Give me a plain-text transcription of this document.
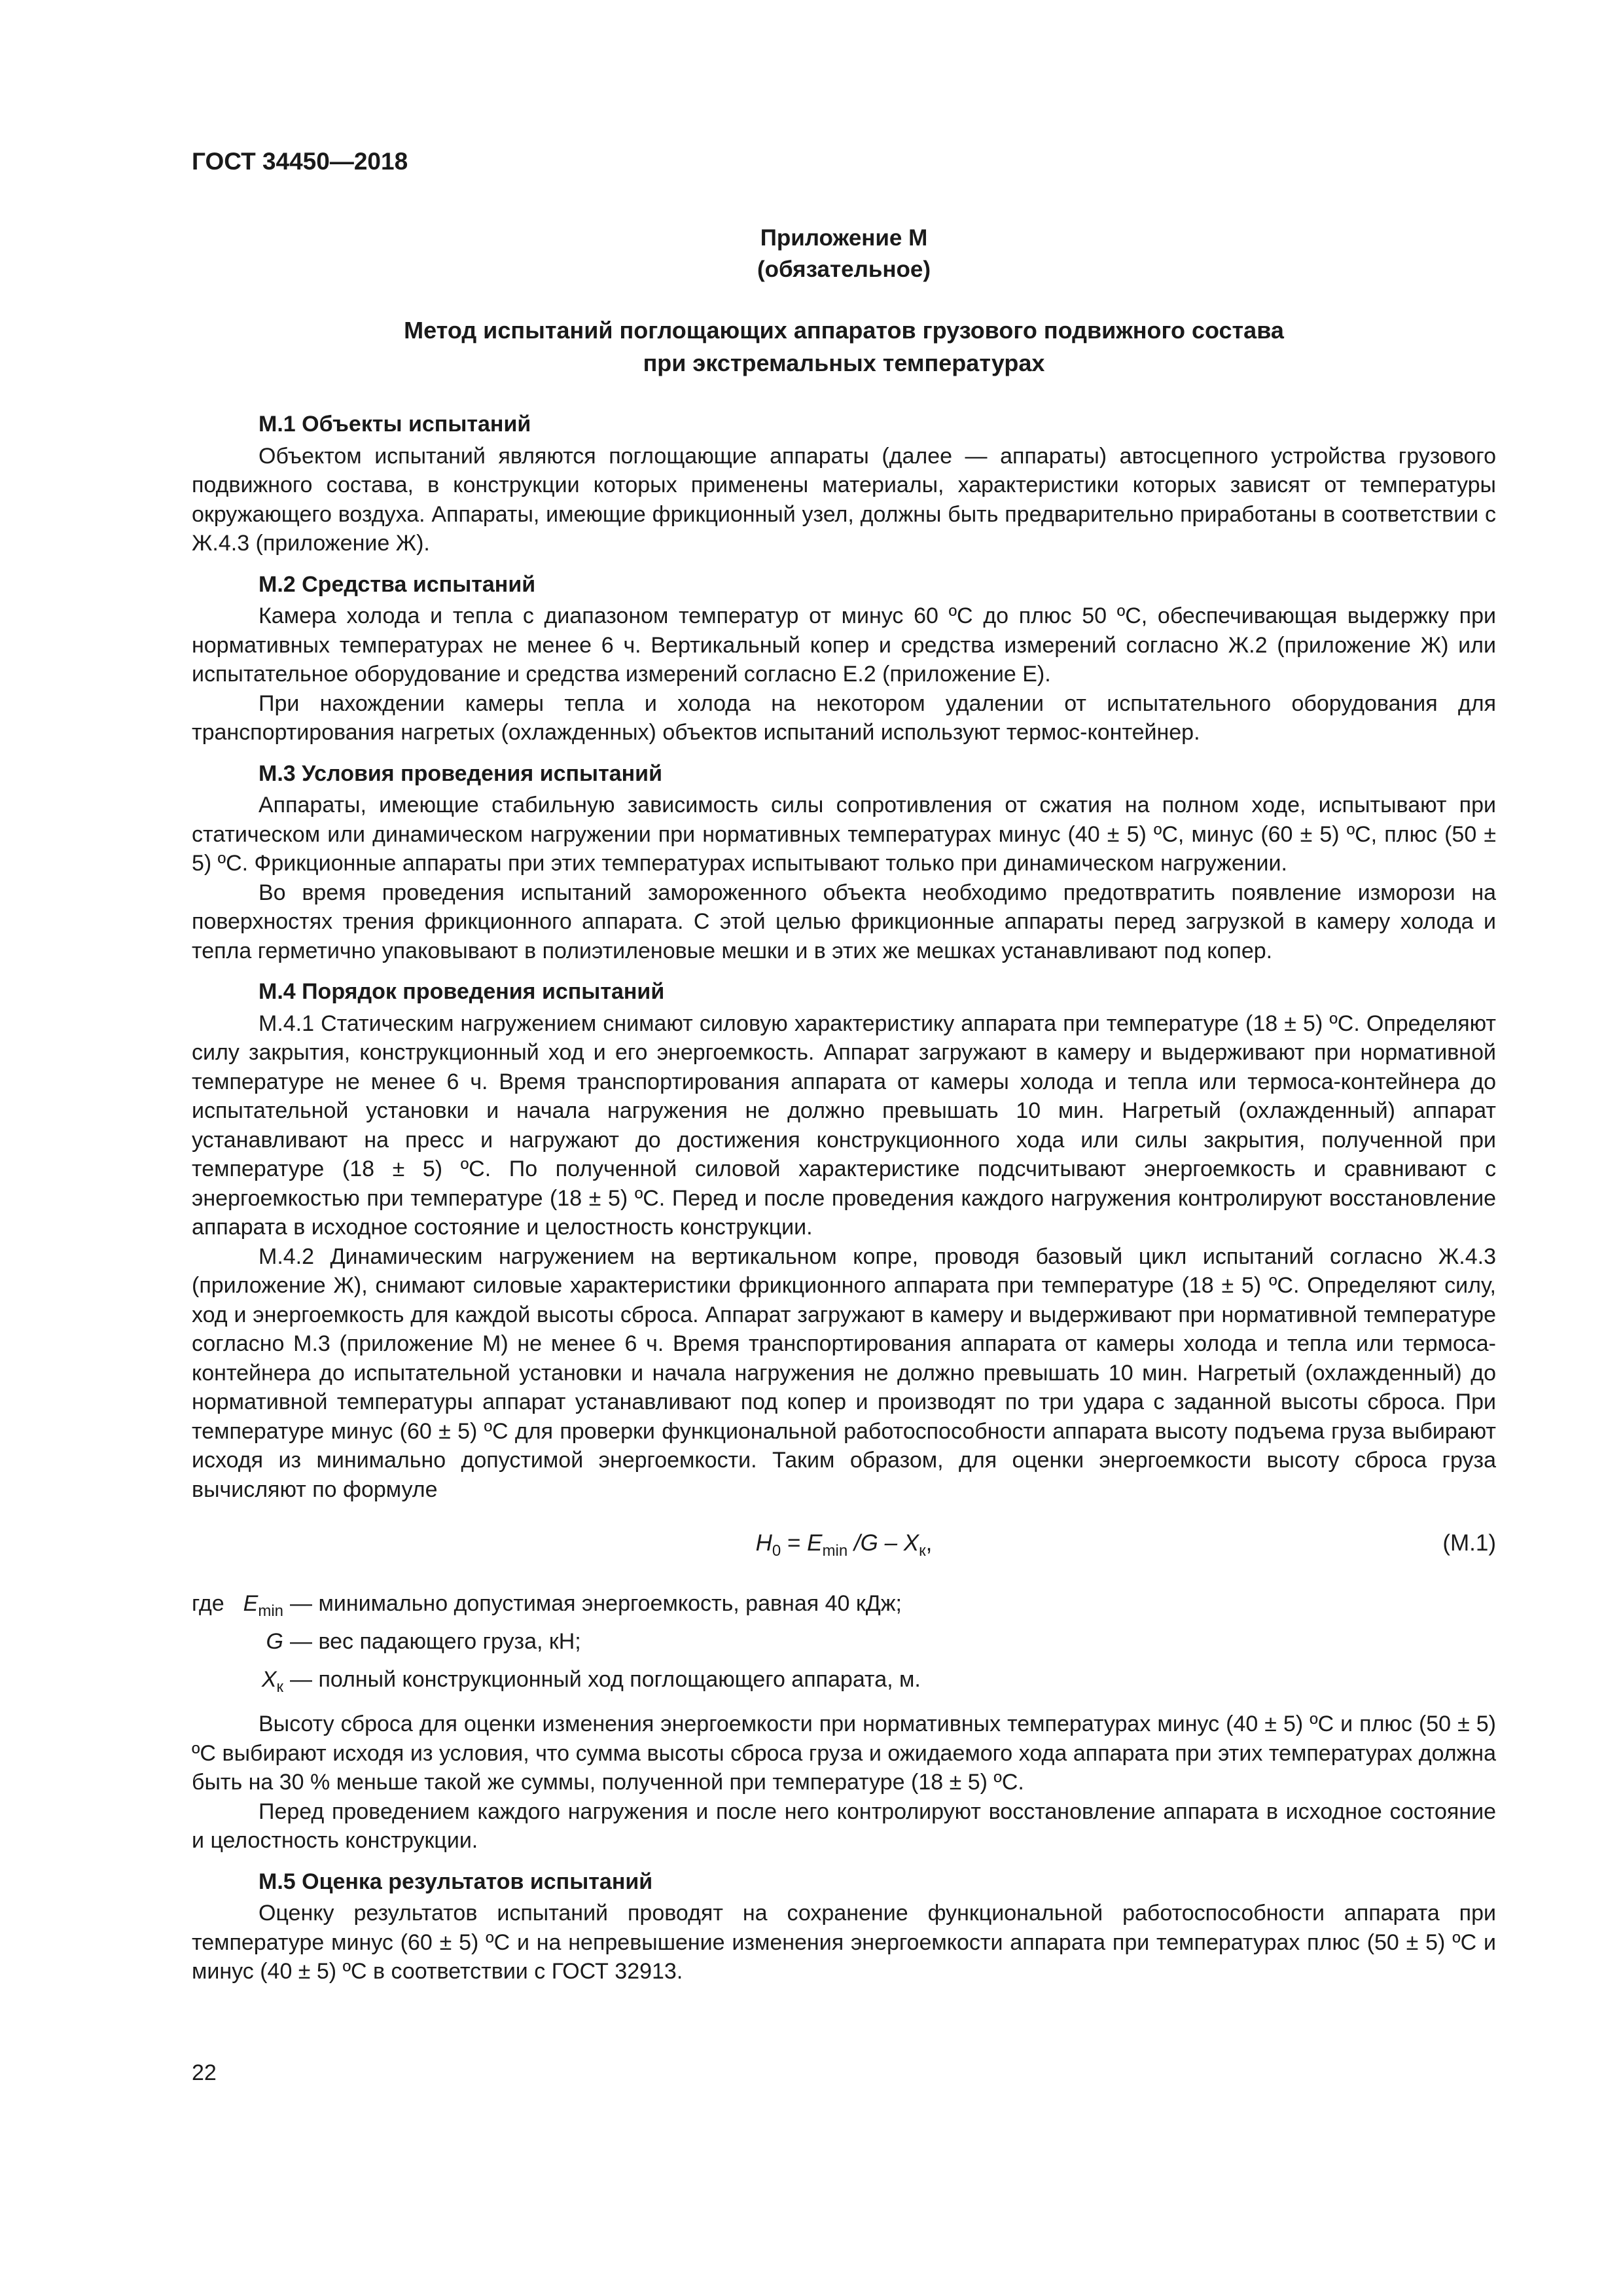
ГОСТ 34450—2018
Приложение М
(обязательное)
Метод испытаний поглощающих аппаратов грузового подвижного состава
при экстремальных температурах
М.1 Объекты испытаний

Объектом испытаний являются поглощающие аппараты (далее — аппараты) автосцепного устройства грузового подвижного состава, в конструкции которых применены материалы, характеристики которых зависят от температуры окружающего воздуха. Аппараты, имеющие фрикционный узел, должны быть предварительно приработаны в соответствии с Ж.4.3 (приложение Ж).

М.2 Средства испытаний

Камера холода и тепла с диапазоном температур от минус 60 ºС до плюс 50 ºС, обеспечивающая выдержку при нормативных температурах не менее 6 ч. Вертикальный копер и средства измерений согласно Ж.2 (приложение Ж) или испытательное оборудование и средства измерений согласно Е.2 (приложение Е).

При нахождении камеры тепла и холода на некотором удалении от испытательного оборудования для транспортирования нагретых (охлажденных) объектов испытаний используют термос-контейнер.

М.3 Условия проведения испытаний

Аппараты, имеющие стабильную зависимость силы сопротивления от сжатия на полном ходе, испытывают при статическом или динамическом нагружении при нормативных температурах минус (40 ± 5) ºС, минус (60 ± 5) ºС, плюс (50 ± 5) ºС. Фрикционные аппараты при этих температурах испытывают только при динамическом нагружении.

Во время проведения испытаний замороженного объекта необходимо предотвратить появление изморози на поверхностях трения фрикционного аппарата. С этой целью фрикционные аппараты перед загрузкой в камеру холода и тепла герметично упаковывают в полиэтиленовые мешки и в этих же мешках устанавливают под копер.

М.4 Порядок проведения испытаний

М.4.1 Статическим нагружением снимают силовую характеристику аппарата при температуре (18 ± 5) ºС. Определяют силу закрытия, конструкционный ход и его энергоемкость. Аппарат загружают в камеру и выдерживают при нормативной температуре не менее 6 ч. Время транспортирования аппарата от камеры холода и тепла или термоса-контейнера до испытательной установки и начала нагружения не должно превышать 10 мин. Нагретый (охлажденный) аппарат устанавливают на пресс и нагружают до достижения конструкционного хода или силы закрытия, полученной при температуре (18 ± 5) ºС. По полученной силовой характеристике подсчитывают энергоемкость и сравнивают с энергоемкостью при температуре (18 ± 5) ºС. Перед и после проведения каждого нагружения контролируют восстановление аппарата в исходное состояние и целостность конструкции.

М.4.2 Динамическим нагружением на вертикальном копре, проводя базовый цикл испытаний согласно Ж.4.3 (приложение Ж), снимают силовые характеристики фрикционного аппарата при температуре (18 ± 5) ºС. Определяют силу, ход и энергоемкость для каждой высоты сброса. Аппарат загружают в камеру и выдерживают при нормативной температуре согласно М.3 (приложение М) не менее 6 ч. Время транспортирования аппарата от камеры холода и тепла или термоса-контейнера до испытательной установки и начала нагружения не должно превышать 10 мин. Нагретый (охлажденный) до нормативной температуры аппарат устанавливают под копер и производят по три удара с заданной высоты сброса. При температуре минус (60 ± 5) ºС для проверки функциональной работоспособности аппарата высоту подъема груза выбирают исходя из минимально допустимой энергоемкости. Таким образом, для оценки энергоемкости высоту сброса груза вычисляют по формуле

$H_0 = E_{min}$ $/G - X_к$,	(М.1)
где $E_{min}$ — минимально допустимая энергоемкость, равная 40 кДж;
G — вес падающего груза, кН;
$X_к$ — полный конструкционный ход поглощающего аппарата, м.

Высоту сброса для оценки изменения энергоемкости при нормативных температурах минус (40 ± 5) ºС и плюс (50 ± 5) ºС выбирают исходя из условия, что сумма высоты сброса груза и ожидаемого хода аппарата при этих температурах должна быть на 30 % меньше такой же суммы, полученной при температуре (18 ± 5) ºС.

Перед проведением каждого нагружения и после него контролируют восстановление аппарата в исходное состояние и целостность конструкции.

М.5 Оценка результатов испытаний

Оценку результатов испытаний проводят на сохранение функциональной работоспособности аппарата при температуре минус (60 ± 5) ºС и на непревышение изменения энергоемкости аппарата при температурах плюс (50 ± 5) ºС и минус (40 ± 5) ºС в соответствии с ГОСТ 32913.

22
